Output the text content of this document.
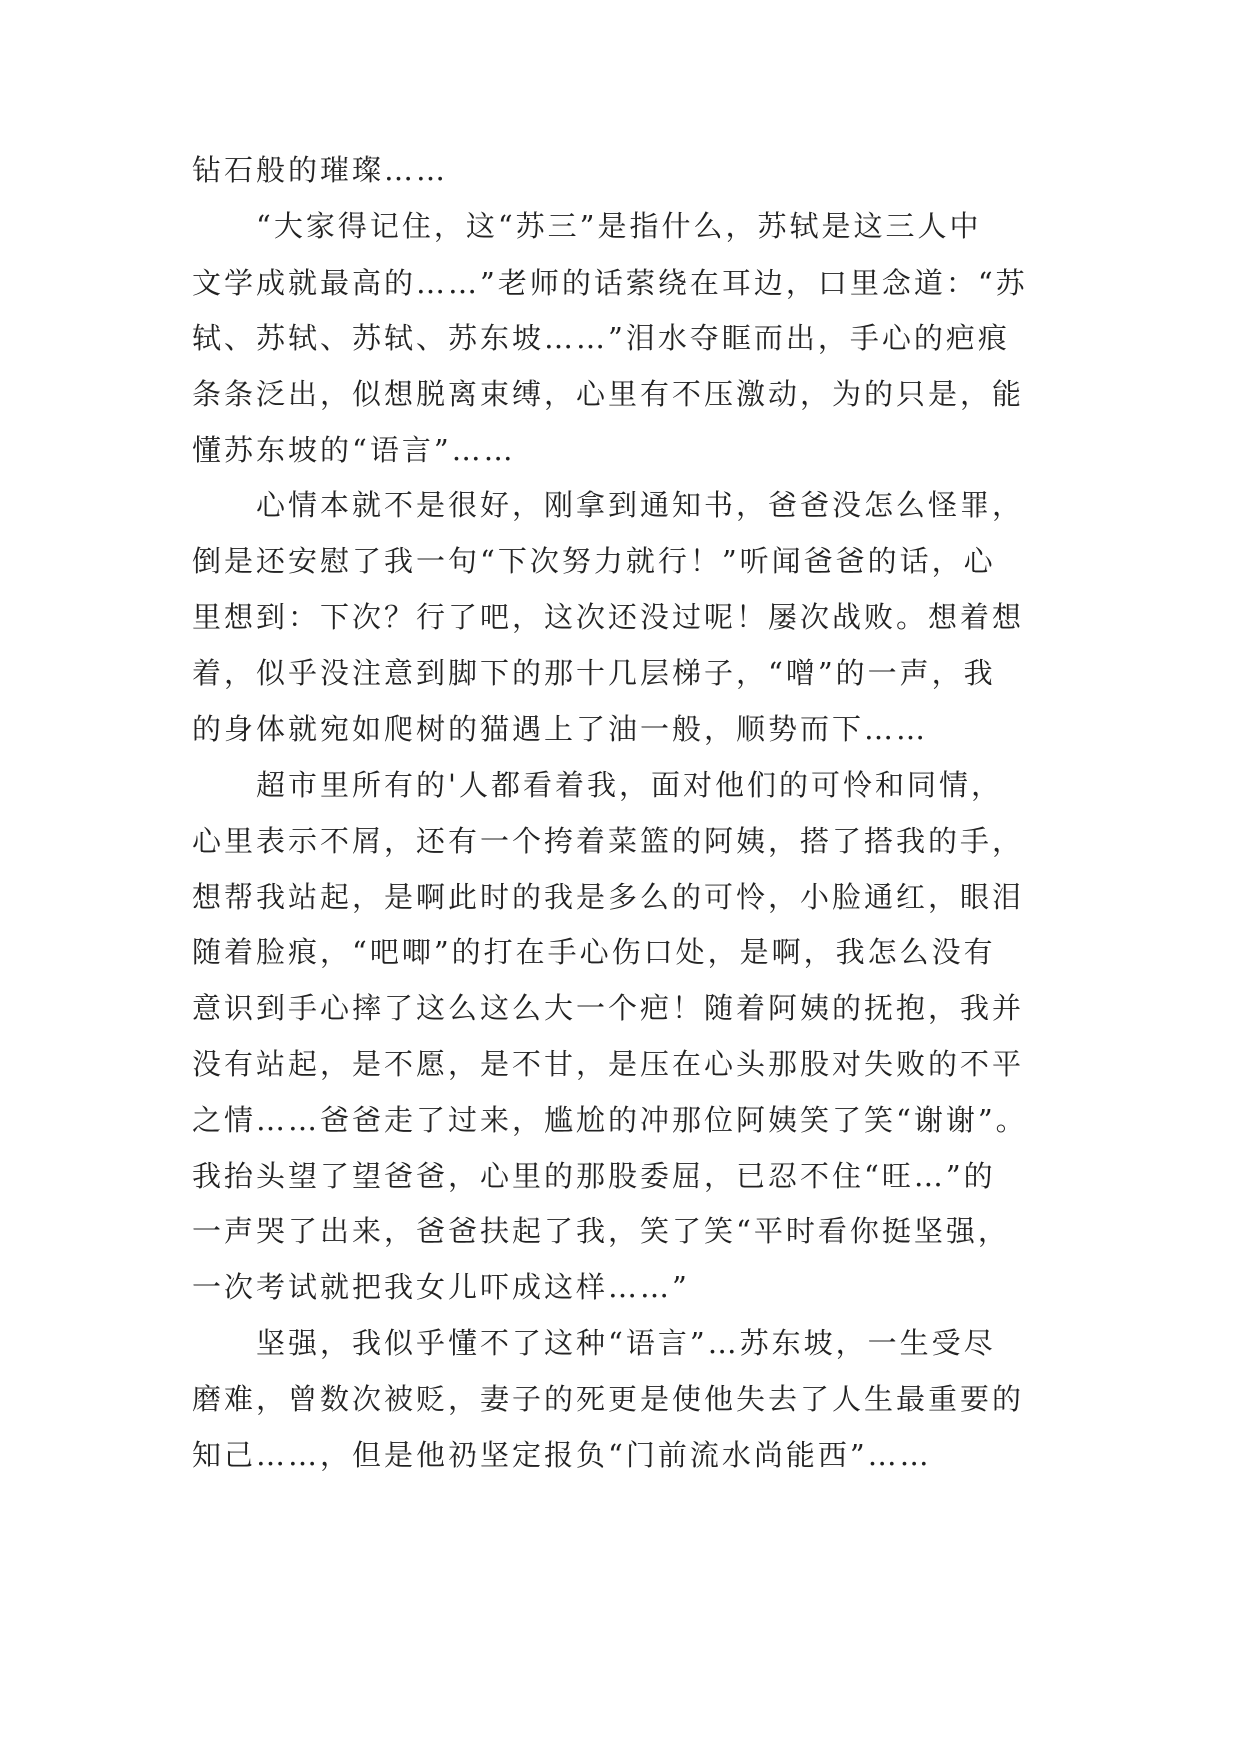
钻石般的璀璨……
“大家得记住，这“苏三”是指什么，苏轼是这三人中
文学成就最高的……”老师的话萦绕在耳边，口里念道：“苏
轼、苏轼、苏轼、苏东坡……”泪水夺眶而出，手心的疤痕
条条泛出，似想脱离束缚，心里有不压激动，为的只是，能
懂苏东坡的“语言”……
心情本就不是很好，刚拿到通知书，爸爸没怎么怪罪，
倒是还安慰了我一句“下次努力就行！”听闻爸爸的话，心
里想到：下次？行了吧，这次还没过呢！屡次战败。想着想
着，似乎没注意到脚下的那十几层梯子，“噌”的一声，我
的身体就宛如爬树的猫遇上了油一般，顺势而下……
超市里所有的'人都看着我，面对他们的可怜和同情，
心里表示不屑，还有一个挎着菜篮的阿姨，搭了搭我的手，
想帮我站起，是啊此时的我是多么的可怜，小脸通红，眼泪
随着脸痕，“吧唧”的打在手心伤口处，是啊，我怎么没有
意识到手心摔了这么这么大一个疤！随着阿姨的抚抱，我并
没有站起，是不愿，是不甘，是压在心头那股对失败的不平
之情……爸爸走了过来，尴尬的冲那位阿姨笑了笑“谢谢”。
我抬头望了望爸爸，心里的那股委屈，已忍不住“旺…”的
一声哭了出来，爸爸扶起了我，笑了笑“平时看你挺坚强，
一次考试就把我女儿吓成这样……”
坚强，我似乎懂不了这种“语言”…苏东坡，一生受尽
磨难，曾数次被贬，妻子的死更是使他失去了人生最重要的
知己……，但是他礽坚定报负“门前流水尚能西”……
